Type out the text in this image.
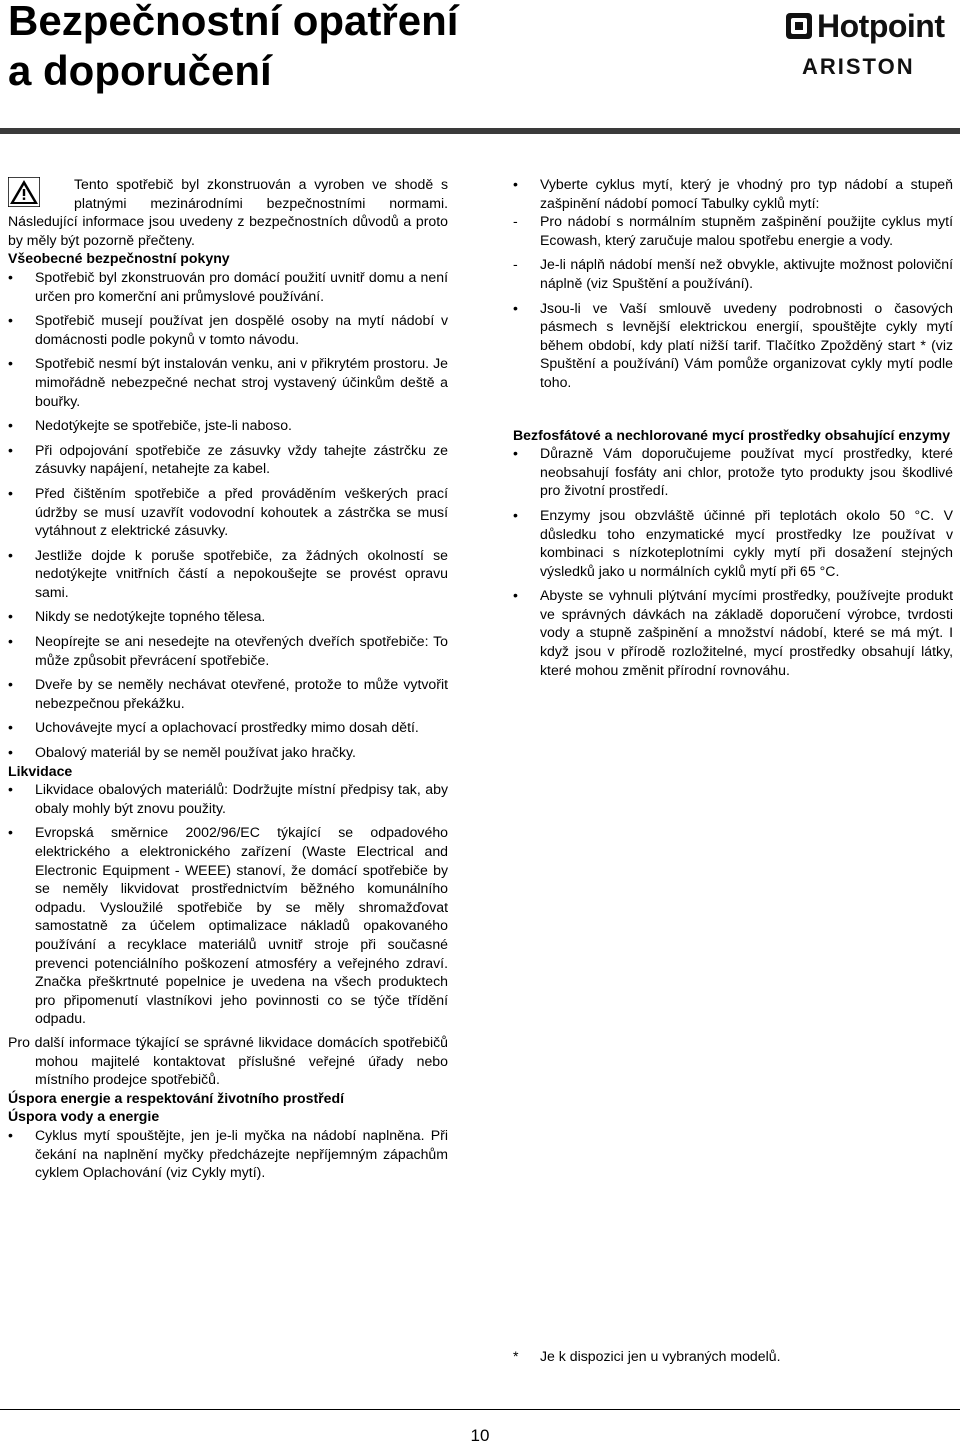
Bezpečnostní opatření
a doporučení
Hotpoint
ARISTON

Tento spotřebič byl zkonstruován a vyroben ve shodě s platnými mezinárodními bezpečnostními normami. Následující informace jsou uvedeny z bezpečnostních důvodů a proto by měly být pozorně přečteny.

Všeobecné bezpečnostní pokyny
• Spotřebič byl zkonstruován pro domácí použití uvnitř domu a není určen pro komerční ani průmyslové používání.
• Spotřebič musejí používat jen dospělé osoby na mytí nádobí v domácnosti podle pokynů v tomto návodu.
• Spotřebič nesmí být instalován venku, ani v přikrytém prostoru. Je mimořádně nebezpečné nechat stroj vystavený účinkům deště a bouřky.
• Nedotýkejte se spotřebiče, jste-li naboso.
• Při odpojování spotřebiče ze zásuvky vždy tahejte zástrčku ze zásuvky napájení, netahejte za kabel.
• Před čištěním spotřebiče a před prováděním veškerých prací údržby se musí uzavřít vodovodní kohoutek a zástrčka se musí vytáhnout z elektrické zásuvky.
• Jestliže dojde k poruše spotřebiče, za žádných okolností se nedotýkejte vnitřních částí a nepokoušejte se provést opravu sami.
• Nikdy se nedotýkejte topného tělesa.
• Neopírejte se ani nesedejte na otevřených dveřích spotřebiče: To může způsobit převrácení spotřebiče.
• Dveře by se neměly nechávat otevřené, protože to může vytvořit nebezpečnou překážku.
• Uchovávejte mycí a oplachovací prostředky mimo dosah dětí.
• Obalový materiál by se neměl používat jako hračky.
Likvidace
• Likvidace obalových materiálů: Dodržujte místní předpisy tak, aby obaly mohly být znovu použity.
• Evropská směrnice 2002/96/EC týkající se odpadového elektrického a elektronického zařízení (Waste Electrical and Electronic Equipment - WEEE) stanoví, že domácí spotřebiče by se neměly likvidovat prostřednictvím běžného komunálního odpadu. Vysloužilé spotřebiče by se měly shromažďovat samostatně za účelem optimalizace nákladů opakovaného používání a recyklace materiálů uvnitř stroje při současné prevenci potenciálního poškození atmosféry a veřejného zdraví. Značka přeškrtnuté popelnice je uvedena na všech produktech pro připomenutí vlastníkovi jeho povinnosti co se týče třídění odpadu.

Pro další informace týkající se správné likvidace domácích spotřebičů mohou majitelé kontaktovat příslušné veřejné úřady nebo místního prodejce spotřebičů.

Úspora energie a respektování životního prostředí
Úspora vody a energie
• Cyklus mytí spouštějte, jen je-li myčka na nádobí naplněna. Při čekání na naplnění myčky předcházejte nepříjemným zápachům cyklem Oplachování (viz Cykly mytí).
• Vyberte cyklus mytí, který je vhodný pro typ nádobí a stupeň zašpinění nádobí pomocí Tabulky cyklů mytí:
- Pro nádobí s normálním stupněm zašpinění použijte cyklus mytí Ecowash, který zaručuje malou spotřebu energie a vody.
- Je-li náplň nádobí menší než obvykle, aktivujte možnost poloviční náplně (viz Spuštění a používání).
• Jsou-li ve Vaší smlouvě uvedeny podrobnosti o časových pásmech s levnější elektrickou energií, spouštějte cykly mytí během období, kdy platí nižší tarif. Tlačítko Zpožděný start * (viz Spuštění a používání) Vám pomůže organizovat cykly mytí podle toho.
Bezfosfátové a nechlorované mycí prostředky obsahující enzymy
• Důrazně Vám doporučujeme používat mycí prostředky, které neobsahují fosfáty ani chlor, protože tyto produkty jsou škodlivé pro životní prostředí.
• Enzymy jsou obzvláště účinné při teplotách okolo 50 °C. V důsledku toho enzymatické mycí prostředky lze používat v kombinaci s nízkoteplotními cykly mytí při dosažení stejných výsledků jako u normálních cyklů mytí při 65 °C.
• Abyste se vyhnuli plýtvání mycími prostředky, používejte produkt ve správných dávkách na základě doporučení výrobce, tvrdosti vody a stupně zašpinění a množství nádobí, které se má mýt. I když jsou v přírodě rozložitelné, mycí prostředky obsahují látky, které mohou změnit přírodní rovnováhu.
* Je k dispozici jen u vybraných modelů.
10
